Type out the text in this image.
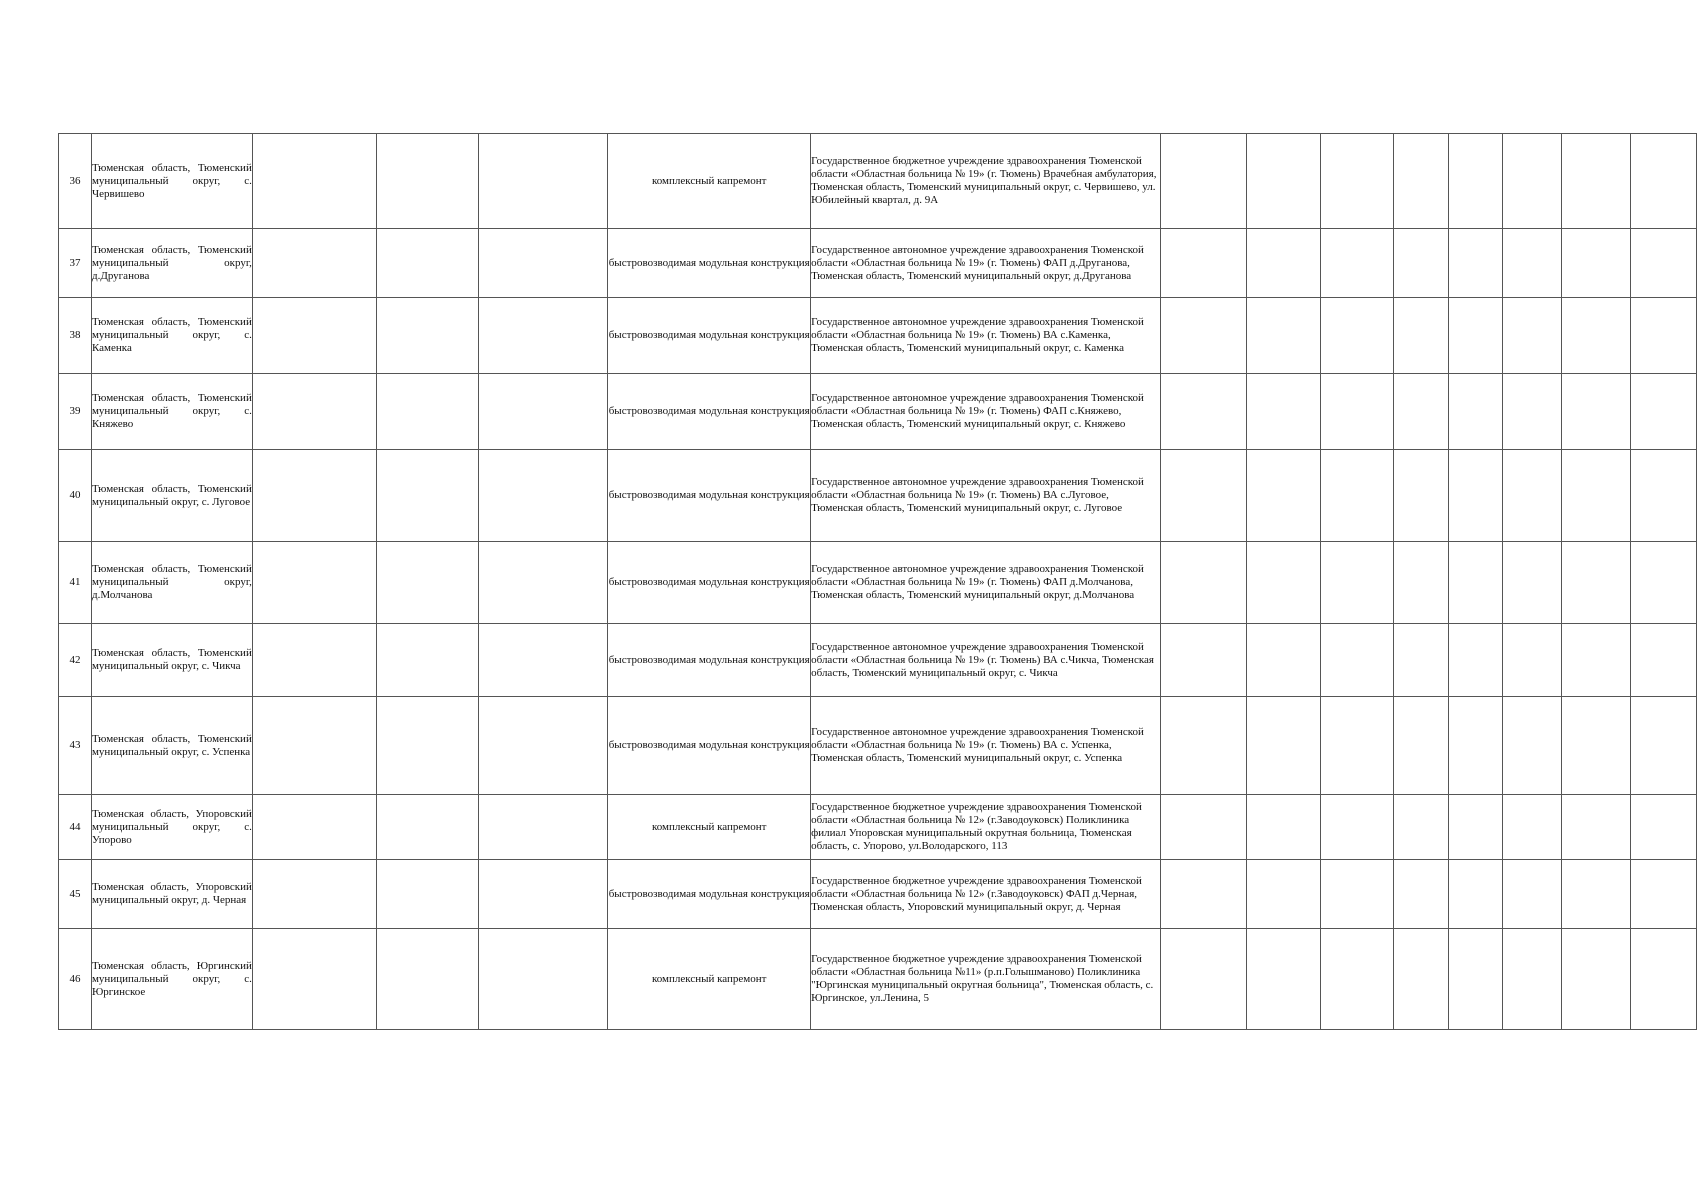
36	Тюменская область, Тюменский муниципальный округ, с. Червишево				комплексный капремонт	Государственное бюджетное учреждение здравоохранения Тюменской области «Областная больница № 19» (г. Тюмень) Врачебная амбулатория, Тюменская область, Тюменский муниципальный округ, с. Червишево, ул. Юбилейный квартал, д. 9А								
37	Тюменская область, Тюменский муниципальный округ, д.Друганова				быстровозводимая модульная конструкция	Государственное автономное учреждение здравоохранения Тюменской области «Областная больница № 19» (г. Тюмень) ФАП д.Друганова, Тюменская область, Тюменский муниципальный округ, д.Друганова								
38	Тюменская область, Тюменский муниципальный округ, с. Каменка				быстровозводимая модульная конструкция	Государственное автономное учреждение здравоохранения Тюменской области «Областная больница № 19» (г. Тюмень) ВА с.Каменка, Тюменская область, Тюменский муниципальный округ, с. Каменка								
39	Тюменская область, Тюменский муниципальный округ, с. Княжево				быстровозводимая модульная конструкция	Государственное автономное учреждение здравоохранения Тюменской области «Областная больница № 19» (г. Тюмень) ФАП с.Княжево, Тюменская область, Тюменский муниципальный округ, с. Княжево								
40	Тюменская область, Тюменский муниципальный округ, с. Луговое				быстровозводимая модульная конструкция	Государственное автономное учреждение здравоохранения Тюменской области «Областная больница № 19» (г. Тюмень) ВА с.Луговое, Тюменская область, Тюменский муниципальный округ, с. Луговое								
41	Тюменская область, Тюменский муниципальный округ, д.Молчанова				быстровозводимая модульная конструкция	Государственное автономное учреждение здравоохранения Тюменской области «Областная больница № 19» (г. Тюмень) ФАП д.Молчанова, Тюменская область, Тюменский муниципальный округ, д.Молчанова								
42	Тюменская область, Тюменский муниципальный округ, с. Чикча				быстровозводимая модульная конструкция	Государственное автономное учреждение здравоохранения Тюменской области «Областная больница № 19» (г. Тюмень) ВА с.Чикча, Тюменская область, Тюменский муниципальный округ, с. Чикча								
43	Тюменская область, Тюменский муниципальный округ, с. Успенка				быстровозводимая модульная конструкция	Государственное автономное учреждение здравоохранения Тюменской области «Областная больница № 19» (г. Тюмень) ВА с. Успенка, Тюменская область, Тюменский муниципальный округ, с. Успенка								
44	Тюменская область, Упоровский муниципальный округ, с. Упорово				комплексный капремонт	Государственное бюджетное учреждение здравоохранения Тюменской области «Областная больница № 12» (г.Заводоуковск) Поликлиника филиал Упоровская муниципальный окрутная больница, Тюменская область, с. Упорово, ул.Володарского, 113								
45	Тюменская область, Упоровский муниципальный округ, д. Черная				быстровозводимая модульная конструкция	Государственное бюджетное учреждение здравоохранения Тюменской области «Областная больница № 12» (г.Заводоуковск) ФАП д.Черная, Тюменская область, Упоровский муниципальный округ, д. Черная								
46	Тюменская область, Юргинский муниципальный округ, с. Юргинское				комплексный капремонт	Государственное бюджетное учреждение здравоохранения Тюменской области «Областная больница №11» (р.п.Голышманово) Поликлиника "Юргинская муниципальный округная больница", Тюменская область, с. Юргинское, ул.Ленина, 5								
